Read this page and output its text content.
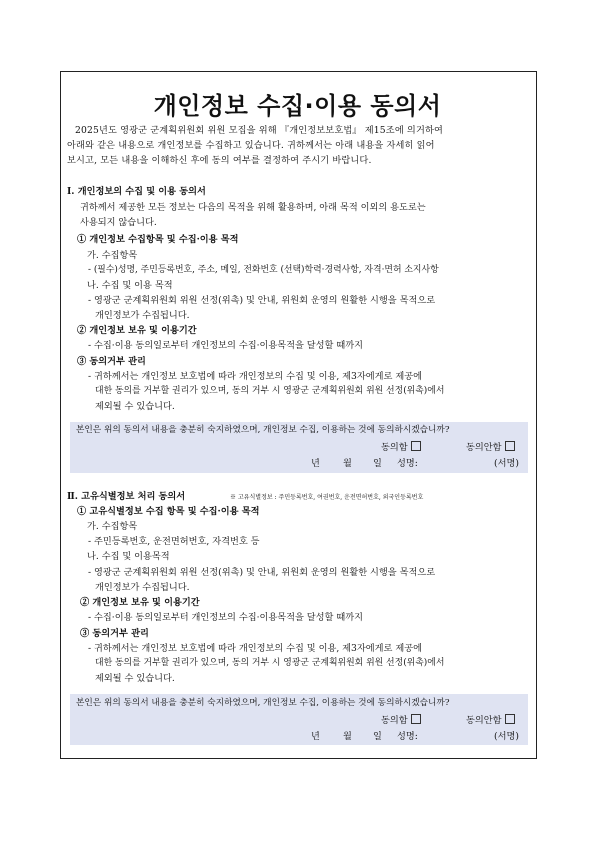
개인정보 수집·이용 동의서
2025년도 영광군 군계획위원회 위원 모집을 위해 『개인정보보호법』 제15조에 의거하여
아래와 같은 내용으로 개인정보를 수집하고 있습니다. 귀하께서는 아래 내용을 자세히 읽어
보시고, 모든 내용을 이해하신 후에 동의 여부를 결정하여 주시기 바랍니다.
Ⅰ. 개인정보의 수집 및 이용 동의서
귀하께서 제공한 모든 정보는 다음의 목적을 위해 활용하며, 아래 목적 이외의 용도로는
사용되지 않습니다.
① 개인정보 수집항목 및 수집·이용 목적
가. 수집항목
- (필수)성명, 주민등록번호, 주소, 메일, 전화번호 (선택)학력·경력사항, 자격·면허 소지사항
나. 수집 및 이용 목적
- 영광군 군계획위원회 위원 선정(위촉) 및 안내, 위원회 운영의 원활한 시행을 목적으로
개인정보가 수집됩니다.
② 개인정보 보유 및 이용기간
- 수집·이용 동의일로부터 개인정보의 수집·이용목적을 달성할 때까지
③ 동의거부 관리
- 귀하께서는 개인정보 보호법에 따라 개인정보의 수집 및 이용, 제3자에게로 제공에
대한 동의를 거부할 권리가 있으며, 동의 거부 시 영광군 군계획위원회 위원 선정(위촉)에서
제외될 수 있습니다.
본인은 위의 동의서 내용을 충분히 숙지하였으며, 개인정보 수집, 이용하는 것에 동의하시겠습니까?
동의함	동의안함
년	월 일 성명:	(서명)
Ⅱ. 고유식별정보 처리 동의서	※ 고유식별정보 : 주민등록번호, 여권번호, 운전면허번호, 외국인등록번호
① 고유식별정보 수집 항목 및 수집·이용 목적
가. 수집항목
- 주민등록번호, 운전면허번호, 자격번호 등
나. 수집 및 이용목적
- 영광군 군계획위원회 위원 선정(위촉) 및 안내, 위원회 운영의 원활한 시행을 목적으로
개인정보가 수집됩니다.
② 개인정보 보유 및 이용기간
- 수집·이용 동의일로부터 개인정보의 수집·이용목적을 달성할 때까지
③ 동의거부 관리
- 귀하께서는 개인정보 보호법에 따라 개인정보의 수집 및 이용, 제3자에게로 제공에
대한 동의를 거부할 권리가 있으며, 동의 거부 시 영광군 군계획위원회 위원 선정(위촉)에서
제외될 수 있습니다.
본인은 위의 동의서 내용을 충분히 숙지하였으며, 개인정보 수집, 이용하는 것에 동의하시겠습니까?
동의함	동의안함
년	월 일 성명:	(서명)
